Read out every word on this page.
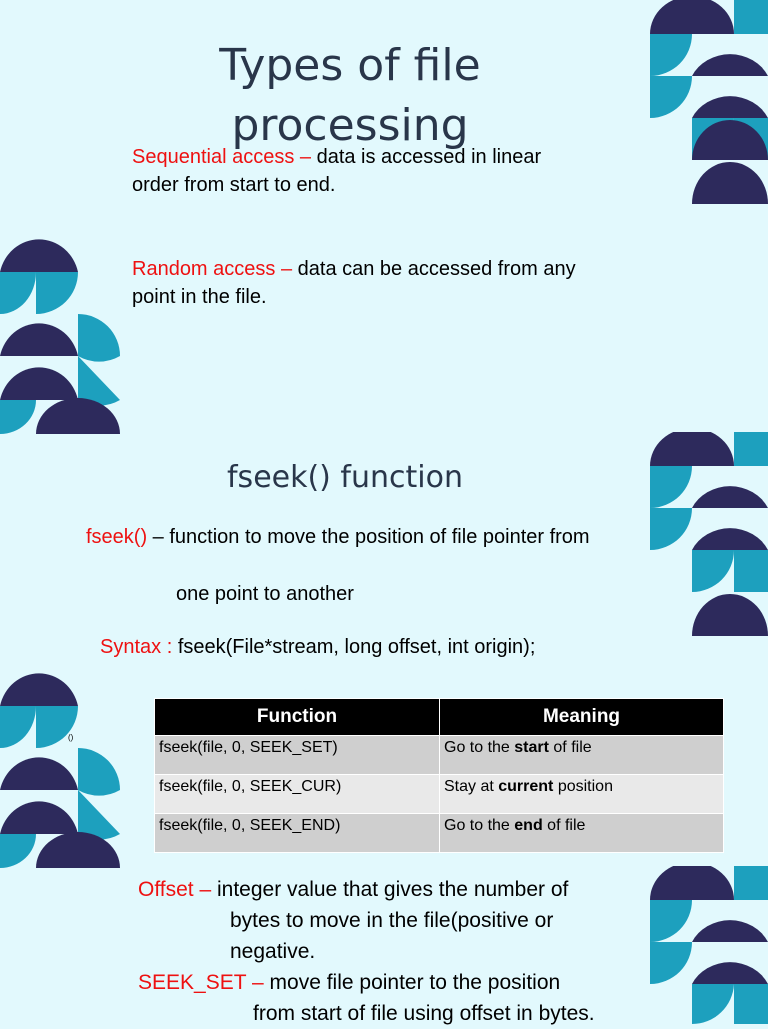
Types of file processing
Sequential access – data is accessed in linear order from start to end.
Random access – data can be accessed from any point in the file.
fseek() function
fseek() – function to move the position of file pointer from
one point to another
Syntax : fseek(File*stream, long offset, int origin);
()
Function	Meaning
fseek(file, 0, SEEK_SET)	Go to the start of file
fseek(file, 0, SEEK_CUR)	Stay at current position
fseek(file, 0, SEEK_END)	Go to the end of file
Offset – integer value that gives the number of
bytes to move in the file(positive or
negative.
SEEK_SET – move file pointer to the position
from start of file using offset in bytes.
